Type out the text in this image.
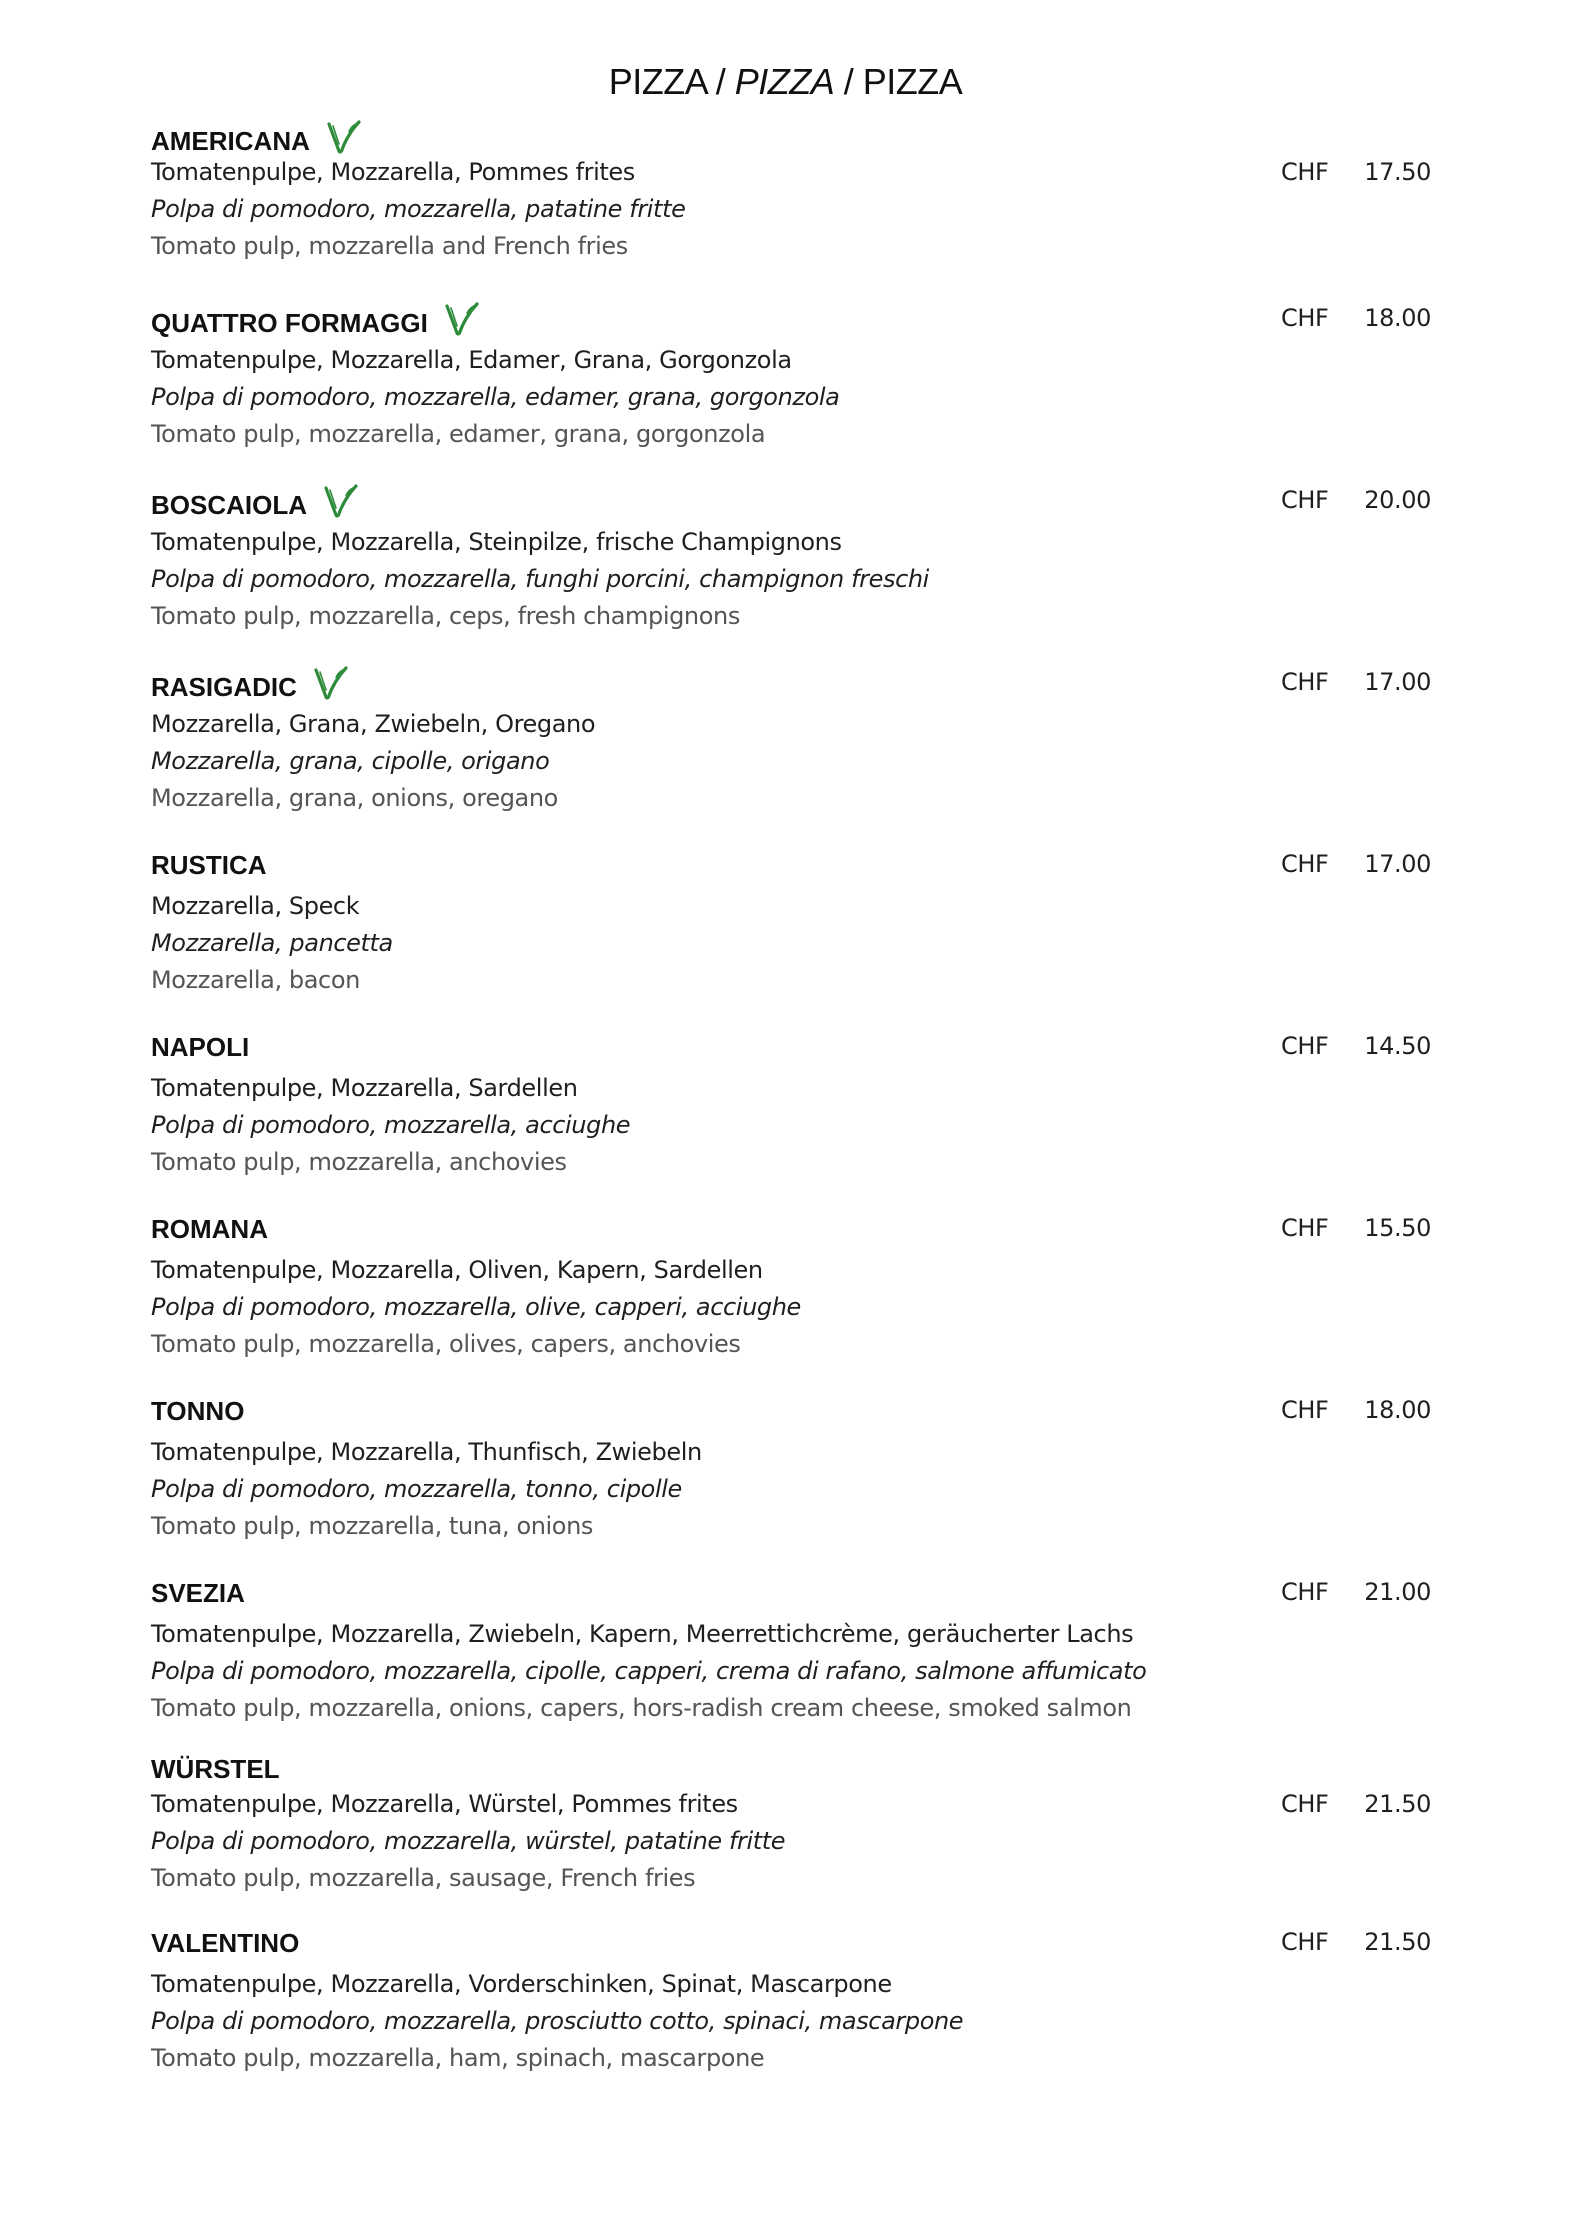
PIZZA / PIZZA / PIZZA
AMERICANA
Tomatenpulpe, Mozzarella, Pommes frites
Polpa di pomodoro, mozzarella, patatine fritte
Tomato pulp, mozzarella and French fries
CHF 17.50
QUATTRO FORMAGGI
Tomatenpulpe, Mozzarella, Edamer, Grana, Gorgonzola
Polpa di pomodoro, mozzarella, edamer, grana, gorgonzola
Tomato pulp, mozzarella, edamer, grana, gorgonzola
CHF 18.00
BOSCAIOLA
Tomatenpulpe, Mozzarella, Steinpilze, frische Champignons
Polpa di pomodoro, mozzarella, funghi porcini, champignon freschi
Tomato pulp, mozzarella, ceps, fresh champignons
CHF 20.00
RASIGADIC
Mozzarella, Grana, Zwiebeln, Oregano
Mozzarella, grana, cipolle, origano
Mozzarella, grana, onions, oregano
CHF 17.00
RUSTICA
Mozzarella, Speck
Mozzarella, pancetta
Mozzarella, bacon
CHF 17.00
NAPOLI
Tomatenpulpe, Mozzarella, Sardellen
Polpa di pomodoro, mozzarella, acciughe
Tomato pulp, mozzarella, anchovies
CHF 14.50
ROMANA
Tomatenpulpe, Mozzarella, Oliven, Kapern, Sardellen
Polpa di pomodoro, mozzarella, olive, capperi, acciughe
Tomato pulp, mozzarella, olives, capers, anchovies
CHF 15.50
TONNO
Tomatenpulpe, Mozzarella, Thunfisch, Zwiebeln
Polpa di pomodoro, mozzarella, tonno, cipolle
Tomato pulp, mozzarella, tuna, onions
CHF 18.00
SVEZIA
Tomatenpulpe, Mozzarella, Zwiebeln, Kapern, Meerrettichcrème, geräucherter Lachs
Polpa di pomodoro, mozzarella, cipolle, capperi, crema di rafano, salmone affumicato
Tomato pulp, mozzarella, onions, capers, hors-radish cream cheese, smoked salmon
CHF 21.00
WÜRSTEL
Tomatenpulpe, Mozzarella, Würstel, Pommes frites
Polpa di pomodoro, mozzarella, würstel, patatine fritte
Tomato pulp, mozzarella, sausage, French fries
CHF 21.50
VALENTINO
Tomatenpulpe, Mozzarella, Vorderschinken, Spinat, Mascarpone
Polpa di pomodoro, mozzarella, prosciutto cotto, spinaci, mascarpone
Tomato pulp, mozzarella, ham, spinach, mascarpone
CHF 21.50
